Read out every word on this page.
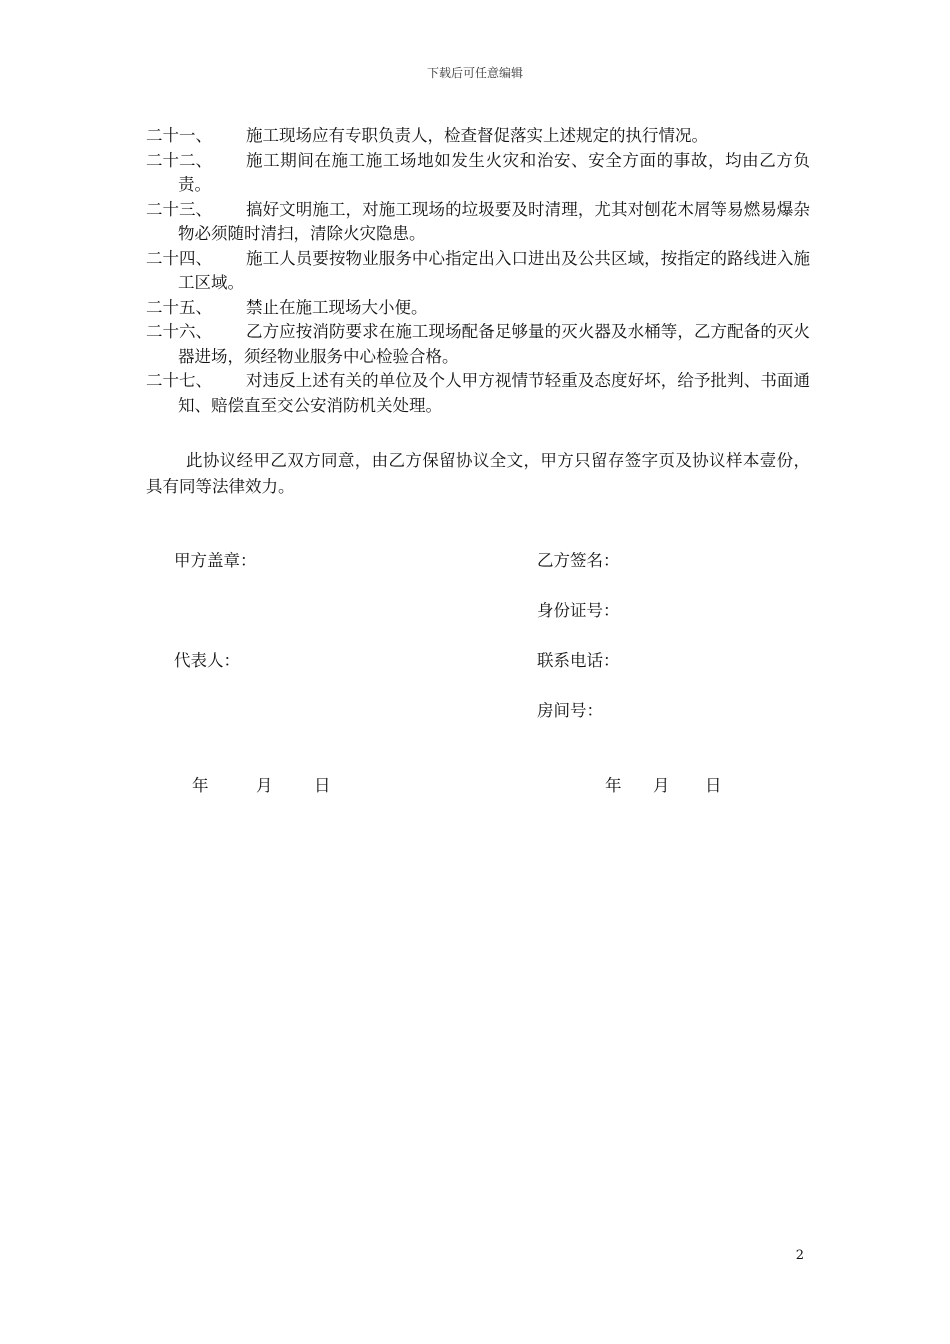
下载后可任意编辑
二十一、 施工现场应有专职负责人，检查督促落实上述规定的执行情况。
二十二、	施工期间在施工施工场地如发生火灾和治安、安全方面的事故，均由乙方负责。
二十三、	搞好文明施工，对施工现场的垃圾要及时清理，尤其对刨花木屑等易燃易爆杂物必须随时清扫，清除火灾隐患。
二十四、	施工人员要按物业服务中心指定出入口进出及公共区域，按指定的路线进入施工区域。
二十五、 禁止在施工现场大小便。
二十六、	乙方应按消防要求在施工现场配备足够量的灭火器及水桶等，乙方配备的灭火器进场，须经物业服务中心检验合格。
二十七、	对违反上述有关的单位及个人甲方视情节轻重及态度好坏，给予批判、书面通知、赔偿直至交公安消防机关处理。
此协议经甲乙双方同意，由乙方保留协议全文，甲方只留存签字页及协议样本壹份，具有同等法律效力。
甲方盖章：
代表人：
乙方签名：
身份证号：
联系电话：
房间号：
年	月	日	年 月 日
2
